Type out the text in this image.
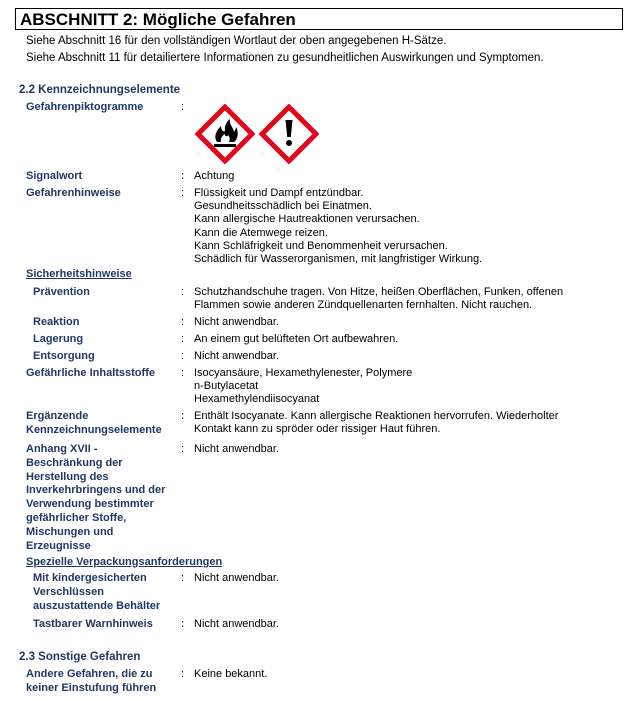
ABSCHNITT 2: Mögliche Gefahren
Siehe Abschnitt 16 für den vollständigen Wortlaut der oben angegebenen H-Sätze.
Siehe Abschnitt 11 für detailiertere Informationen zu gesundheitlichen Auswirkungen und Symptomen.
2.2 Kennzeichnungselemente
Gefahrenpiktogramme	:
Signalwort	: Achtung
Gefahrenhinweise	: Flüssigkeit und Dampf entzündbar.
Gesundheitsschädlich bei Einatmen.
Kann allergische Hautreaktionen verursachen.
Kann die Atemwege reizen.
Kann Schläfrigkeit und Benommenheit verursachen.
Schädlich für Wasserorganismen, mit langfristiger Wirkung.
Sicherheitshinweise
Prävention	: Schutzhandschuhe tragen. Von Hitze, heißen Oberflächen, Funken, offenen
Flammen sowie anderen Zündquellenarten fernhalten. Nicht rauchen.
Reaktion	: Nicht anwendbar.
Lagerung	: An einem gut belüfteten Ort aufbewahren.
Entsorgung	: Nicht anwendbar.
Gefährliche Inhaltsstoffe : Isocyansäure, Hexamethylenester, Polymere
n-Butylacetat
Hexamethylendiisocyanat
Ergänzende
Kennzeichnungselemente
: Enthält Isocyanate. Kann allergische Reaktionen hervorrufen. Wiederholter
Kontakt kann zu spröder oder rissiger Haut führen.
Anhang XVII -
Beschränkung der
Herstellung des
Inverkehrbringens und der
Verwendung bestimmter
gefährlicher Stoffe,
Mischungen und
Erzeugnisse
: Nicht anwendbar.
Spezielle Verpackungsanforderungen
Mit kindergesicherten
Verschlüssen
auszustattende Behälter
: Nicht anwendbar.
Tastbarer Warnhinweis	: Nicht anwendbar.
2.3 Sonstige Gefahren
Andere Gefahren, die zu
keiner Einstufung führen
: Keine bekannt.
